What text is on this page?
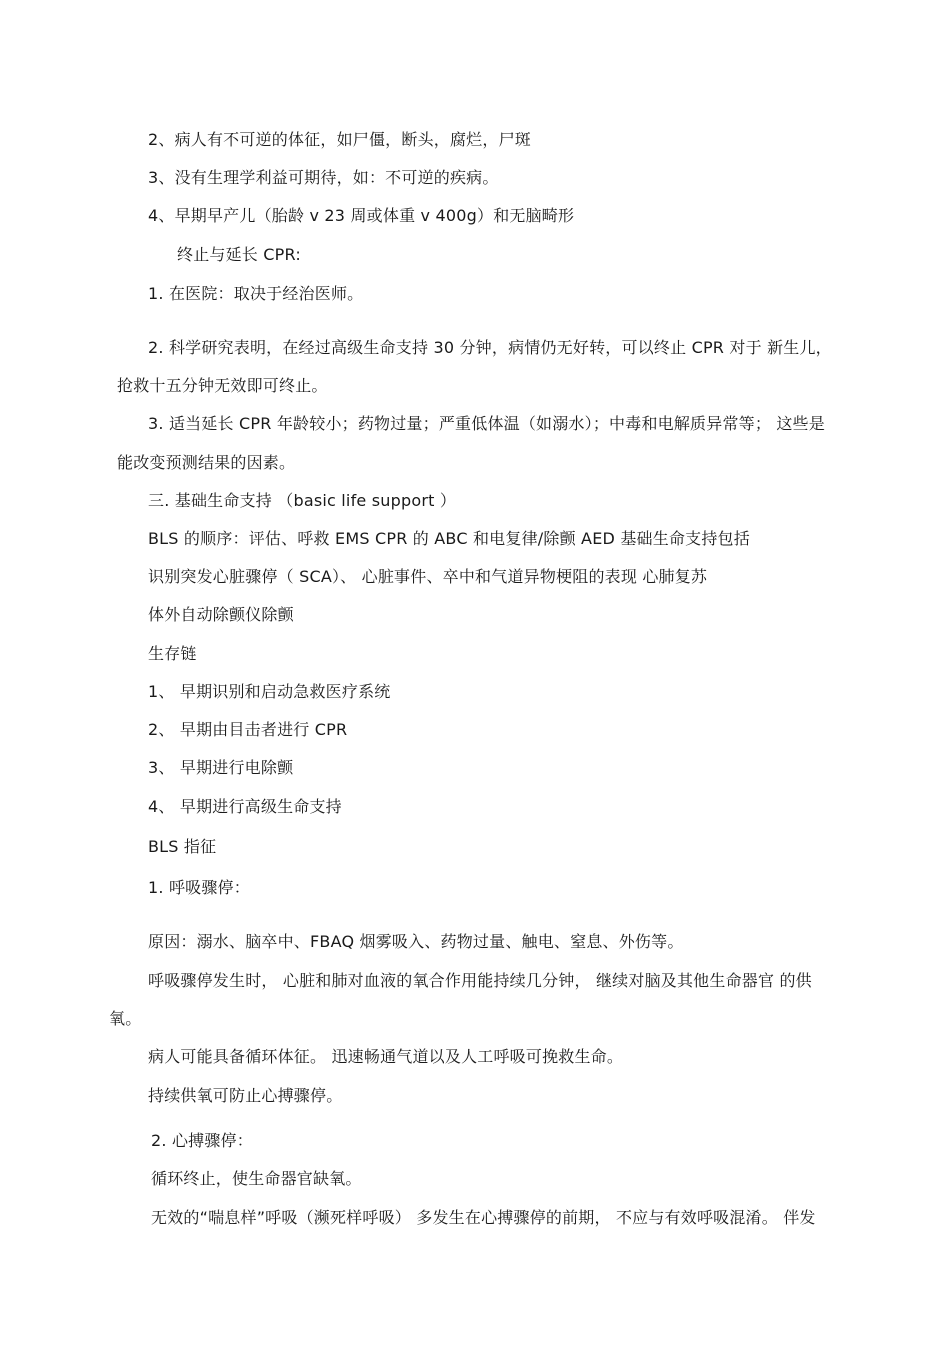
2、病人有不可逆的体征，如尸僵，断头，腐烂，尸斑
3、没有生理学利益可期待，如：不可逆的疾病。
4、早期早产儿（胎龄 v 23 周或体重 v 400g）和无脑畸形
终止与延长 CPR:
1. 在医院：取决于经治医师。
2. 科学研究表明，在经过高级生命支持 30 分钟，病情仍无好转，可以终止 CPR 对于 新生儿，
抢救十五分钟无效即可终止。
3. 适当延长 CPR 年龄较小；药物过量；严重低体温（如溺水）；中毒和电解质异常等； 这些是
能改变预测结果的因素。
三. 基础生命支持 （basic life support ）
BLS 的顺序：评估、呼救 EMS CPR 的 ABC 和电复律/除颤 AED 基础生命支持包括
识别突发心脏骤停（ SCA）、 心脏事件、卒中和气道异物梗阻的表现 心肺复苏
体外自动除颤仪除颤
生存链
1、 早期识别和启动急救医疗系统
2、 早期由目击者进行 CPR
3、 早期进行电除颤
4、 早期进行高级生命支持
BLS 指征
1. 呼吸骤停：
原因：溺水、脑卒中、FBAQ 烟雾吸入、药物过量、触电、窒息、外伤等。
呼吸骤停发生时， 心脏和肺对血液的氧合作用能持续几分钟， 继续对脑及其他生命器官 的供
氧。
病人可能具备循环体征。 迅速畅通气道以及人工呼吸可挽救生命。
持续供氧可防止心搏骤停。
2. 心搏骤停：
循环终止，使生命器官缺氧。
无效的“喘息样”呼吸（濒死样呼吸） 多发生在心搏骤停的前期， 不应与有效呼吸混淆。 伴发
